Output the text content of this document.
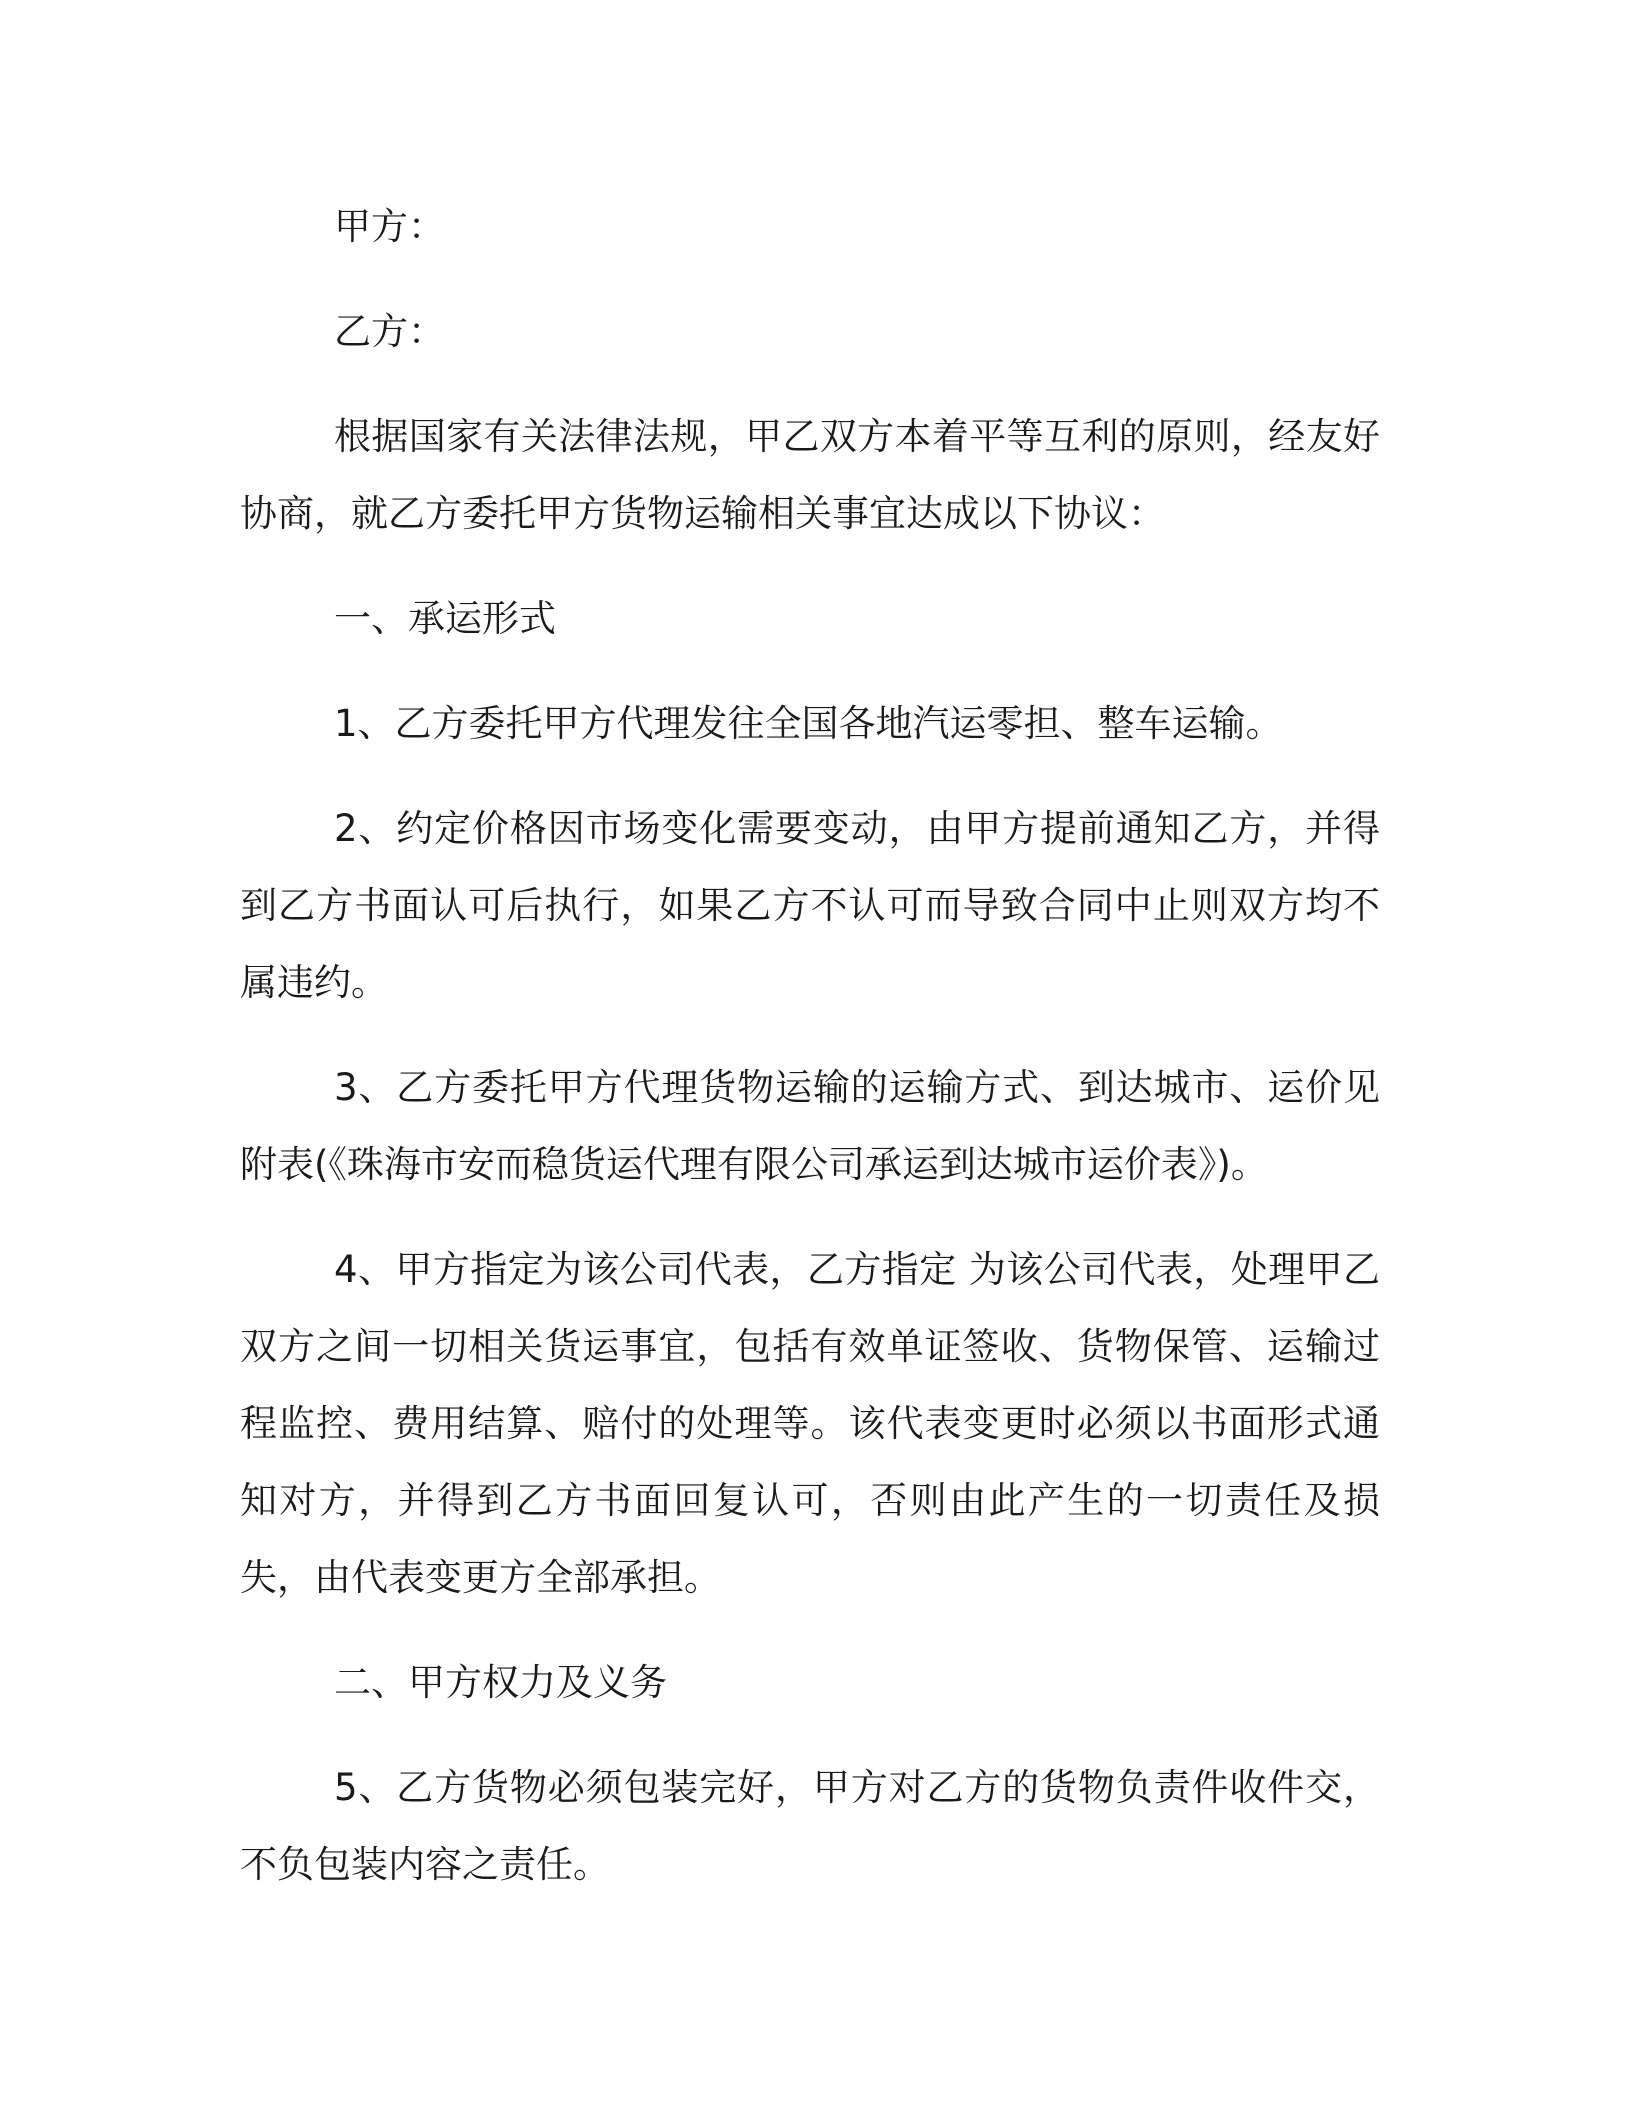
甲方：

乙方：

根据国家有关法律法规，甲乙双方本着平等互利的原则，经友好协商，就乙方委托甲方货物运输相关事宜达成以下协议：

一、承运形式

1、乙方委托甲方代理发往全国各地汽运零担、整车运输。

2、约定价格因市场变化需要变动，由甲方提前通知乙方，并得到乙方书面认可后执行，如果乙方不认可而导致合同中止则双方均不属违约。

3、乙方委托甲方代理货物运输的运输方式、到达城市、运价见附表(《珠海市安而稳货运代理有限公司承运到达城市运价表》)。

4、甲方指定为该公司代表，乙方指定 为该公司代表，处理甲乙双方之间一切相关货运事宜，包括有效单证签收、货物保管、运输过程监控、费用结算、赔付的处理等。该代表变更时必须以书面形式通知对方，并得到乙方书面回复认可，否则由此产生的一切责任及损失，由代表变更方全部承担。

二、甲方权力及义务

5、乙方货物必须包装完好，甲方对乙方的货物负责件收件交，不负包装内容之责任。
